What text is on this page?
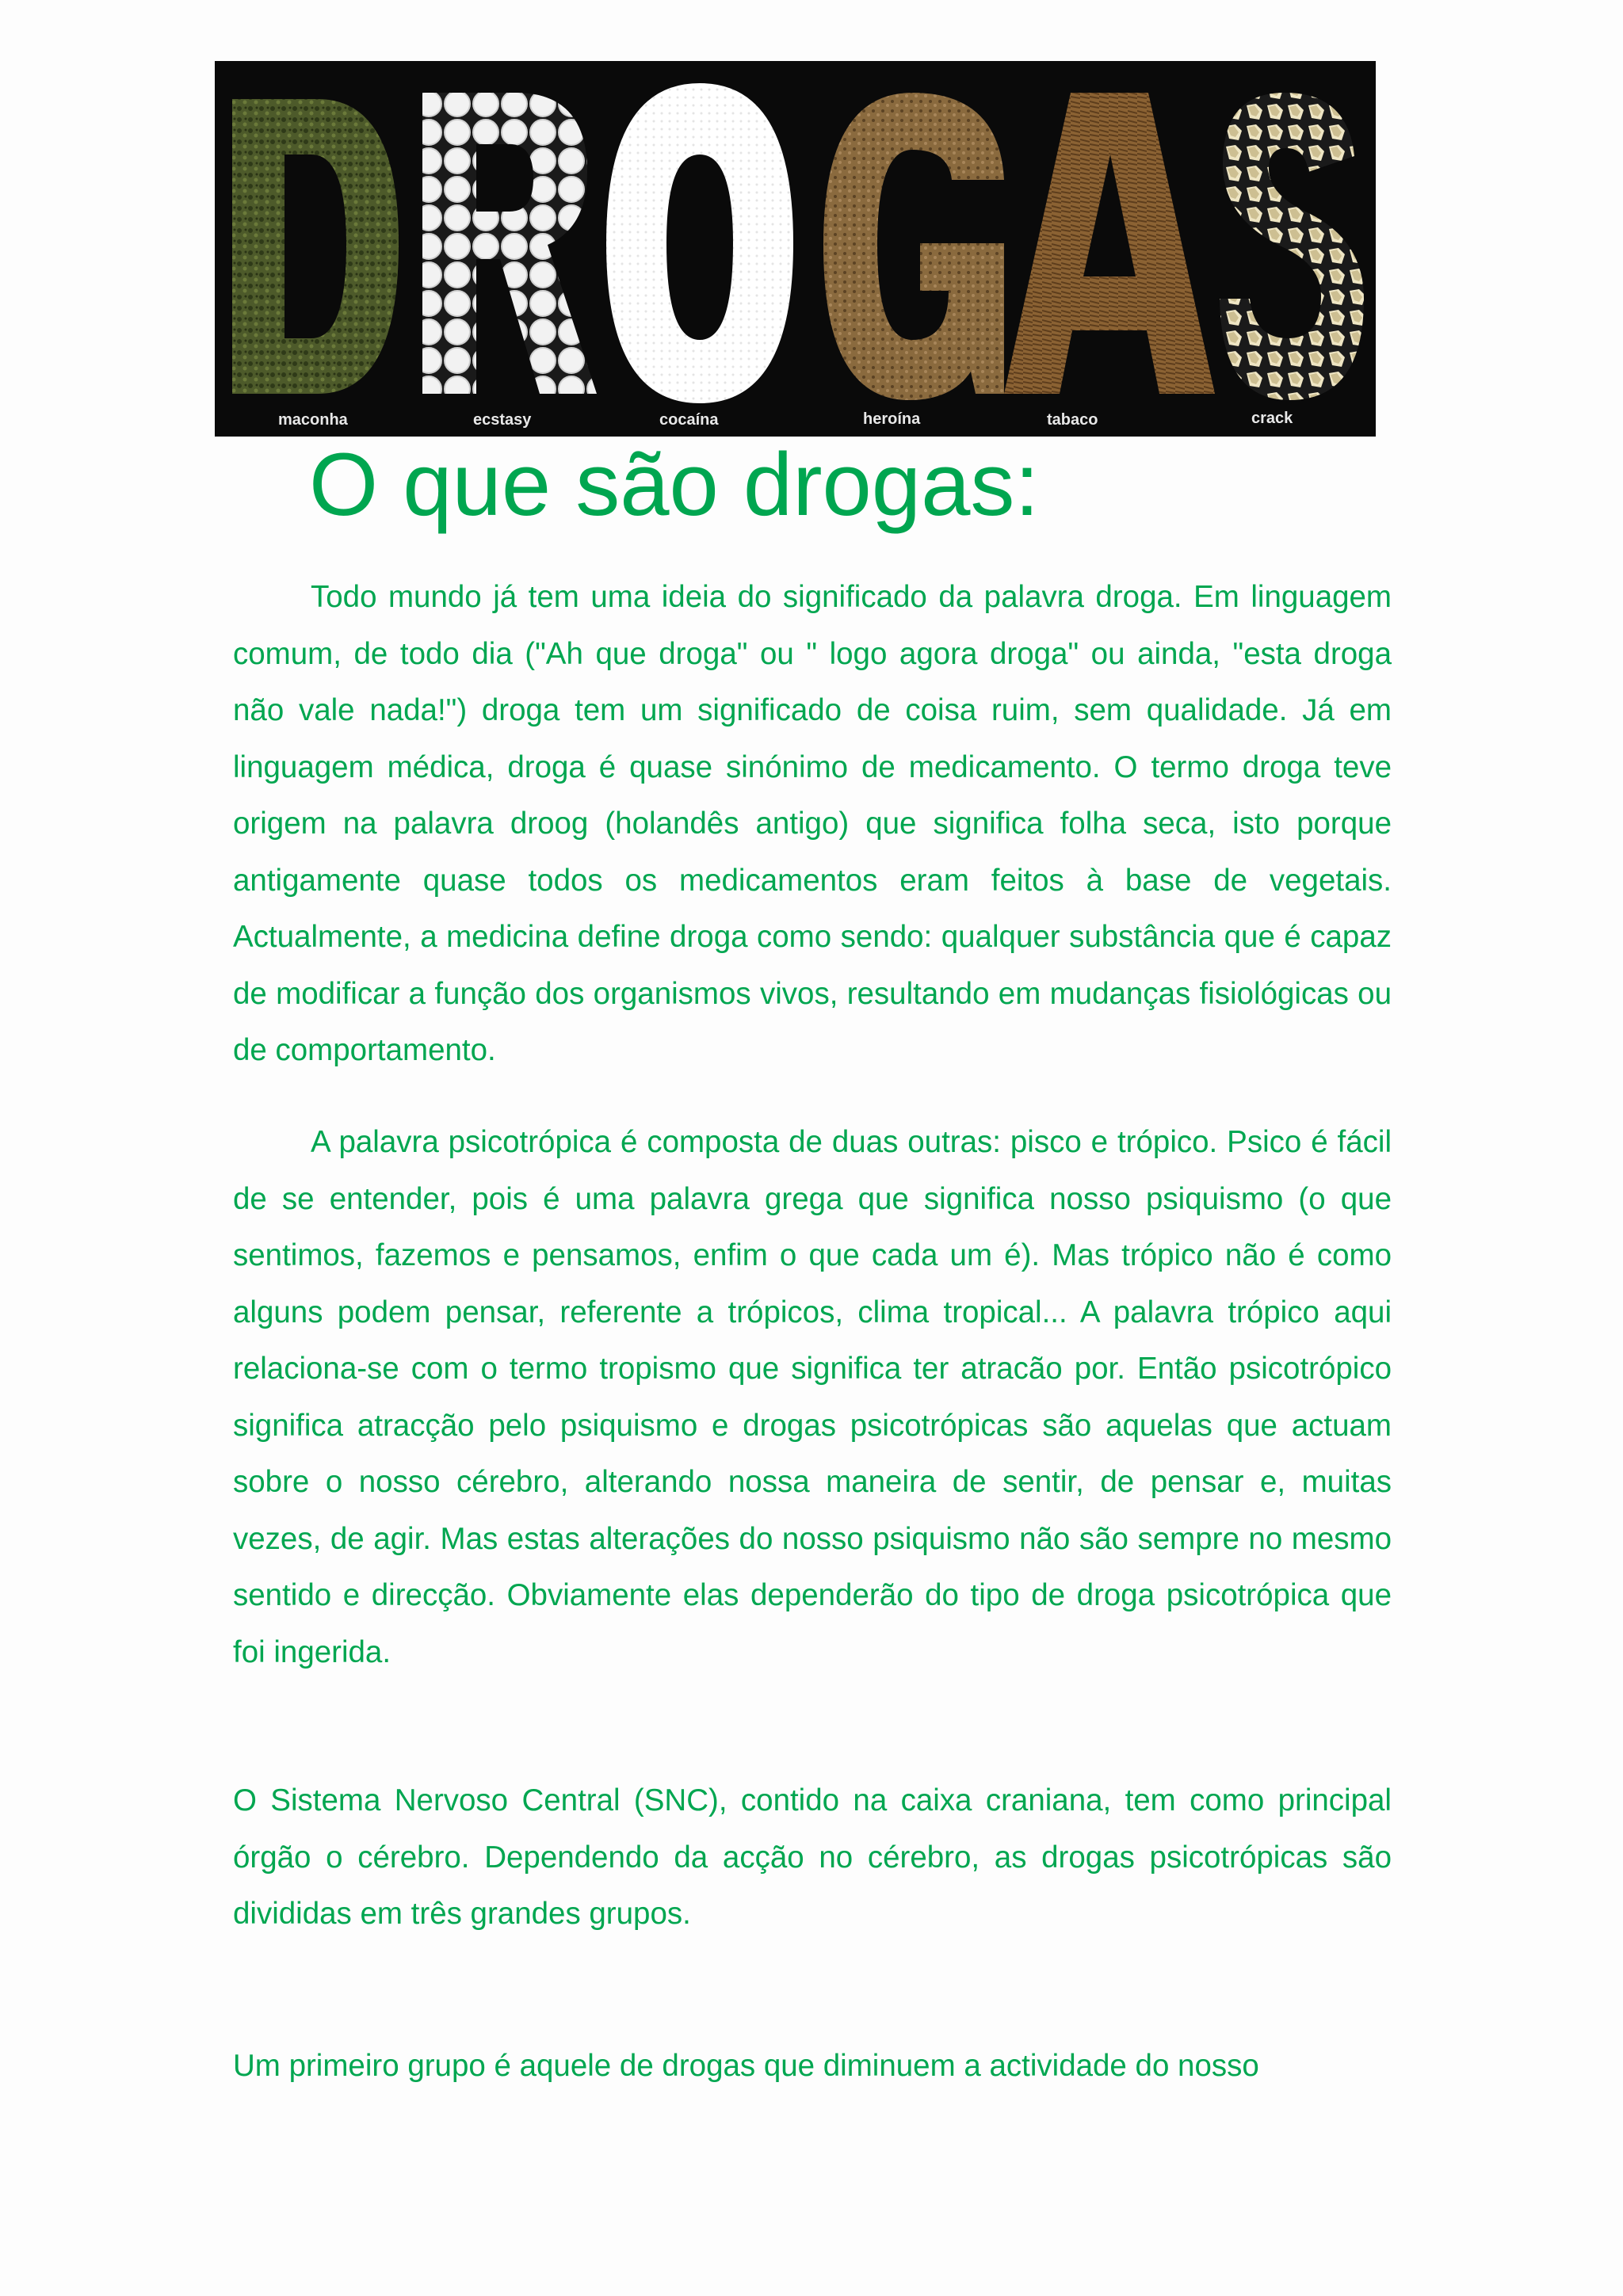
maconha	ecstasy	cocaína	heroína	tabaco	crack
O que são drogas:

Todo mundo já tem uma ideia do significado da palavra droga. Em linguagem comum, de todo dia ("Ah que droga" ou " logo agora droga" ou ainda, "esta droga não vale nada!") droga tem um significado de coisa ruim, sem qualidade. Já em linguagem médica, droga é quase sinónimo de medicamento. O termo droga teve origem na palavra droog (holandês antigo) que significa folha seca, isto porque antigamente quase todos os medicamentos eram feitos à base de vegetais. Actualmente, a medicina define droga como sendo: qualquer substância que é capaz de modificar a função dos organismos vivos, resultando em mudanças fisiológicas ou de comportamento.

A palavra psicotrópica é composta de duas outras: pisco e trópico. Psico é fácil de se entender, pois é uma palavra grega que significa nosso psiquismo (o que sentimos, fazemos e pensamos, enfim o que cada um é). Mas trópico não é como alguns podem pensar, referente a trópicos, clima tropical... A palavra trópico aqui relaciona-se com o termo tropismo que significa ter atracão por. Então psicotrópico significa atracção pelo psiquismo e drogas psicotrópicas são aquelas que actuam sobre o nosso cérebro, alterando nossa maneira de sentir, de pensar e, muitas vezes, de agir. Mas estas alterações do nosso psiquismo não são sempre no mesmo sentido e direcção. Obviamente elas dependerão do tipo de droga psicotrópica que foi ingerida.

O Sistema Nervoso Central (SNC), contido na caixa craniana, tem como principal órgão o cérebro. Dependendo da acção no cérebro, as drogas psicotrópicas são divididas em três grandes grupos.

Um primeiro grupo é aquele de drogas que diminuem a actividade do nosso
